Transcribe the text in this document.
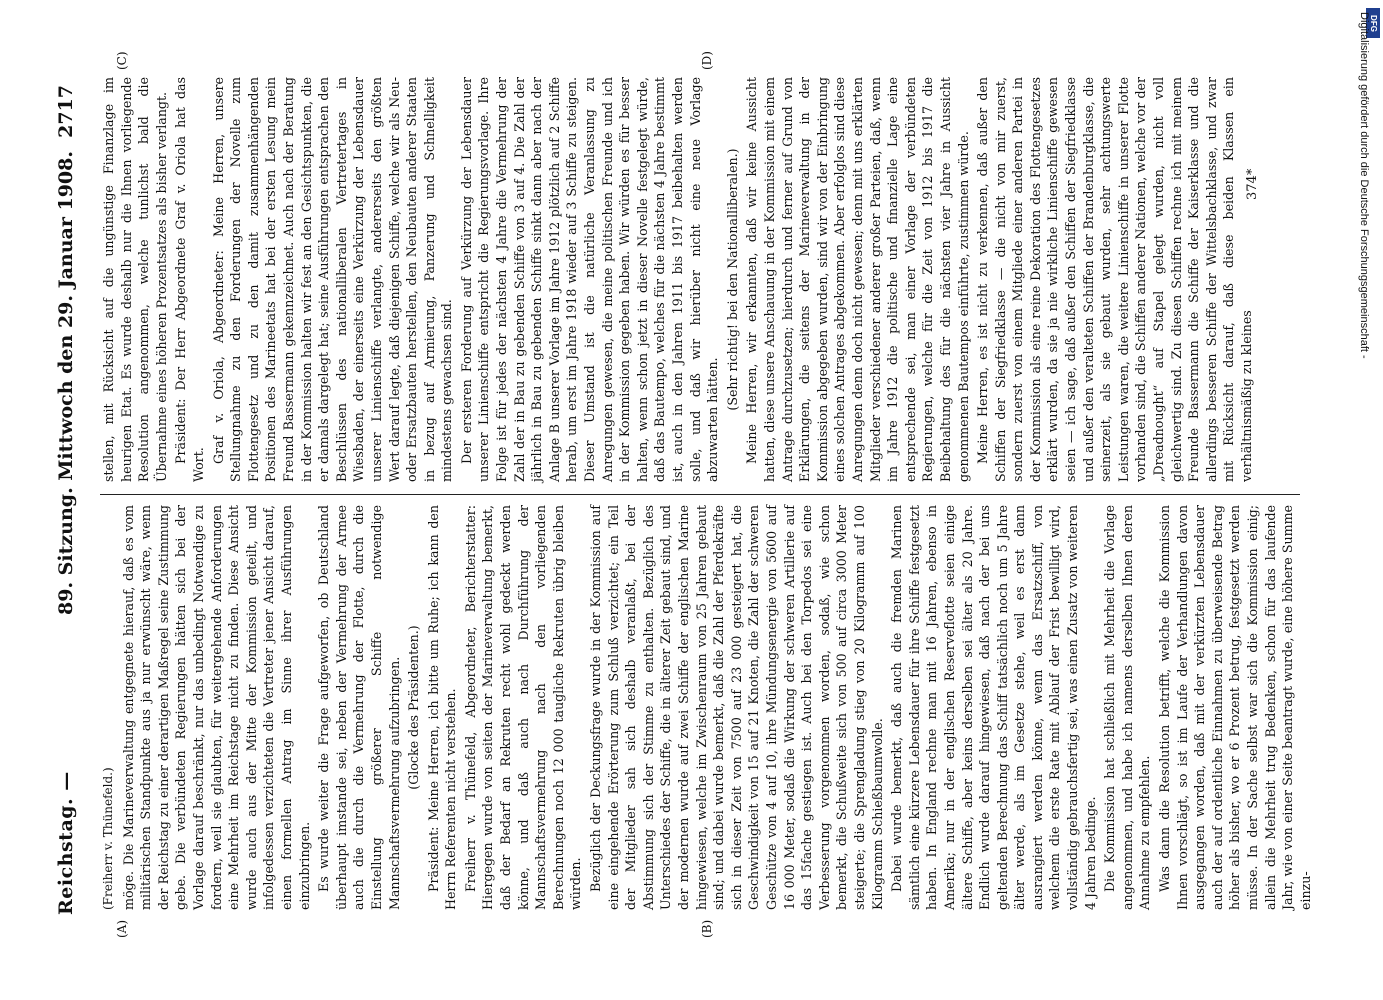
Reichstag. —
89. Sitzung. Mittwoch den 29. Januar 1908.
2717
(A)	(B)
(C)	(D)
(Freiherr v. Thünefeld.) möge. Die Marineverwaltung entgegnete hierauf, daß es vom militärischen Standpunkte aus ja nur erwünscht wäre, wenn der Reichstag zu einer derartigen Maßregel seine Zustimmung gebe. Die verbündeten Regierungen hätten sich bei der Vorlage darauf beschränkt, nur das unbedingt Notwendige zu fordern, weil sie glaubten, für weitergehende Anforderungen eine Mehrheit im Reichstage nicht zu finden. Diese Ansicht wurde auch aus der Mitte der Kommission geteilt, und infolgedessen verzichteten die Vertreter jener Ansicht darauf, einen formellen Antrag im Sinne ihrer Ausführungen einzubringen. Es wurde weiter die Frage aufgeworfen, ob Deutschland überhaupt imstande sei, neben der Vermehrung der Armee auch die durch die Vermehrung der Flotte, durch die Einstellung größerer Schiffe notwendige Mannschaftsvermehrung aufzubringen. (Glocke des Präsidenten.) Präsident: Meine Herren, ich bitte um Ruhe; ich kann den Herrn Referenten nicht verstehen. Freiherr v. Thünefeld, Abgeordneter, Berichterstatter: Hiergegen wurde von seiten der Marineverwaltung bemerkt, daß der Bedarf an Rekruten recht wohl gedeckt werden könne, und daß auch nach Durchführung der Mannschaftsvermehrung nach den vorliegenden Berechnungen noch 12 000 taugliche Rekruten übrig bleiben würden. Bezüglich der Deckungsfrage wurde in der Kommission auf eine eingehende Erörterung zum Schluß verzichtet; ein Teil der Mitglieder sah sich deshalb veranlaßt, bei der Abstimmung sich der Stimme zu enthalten. Bezüglich des Unterschiedes der Schiffe, die in älterer Zeit gebaut sind, und der modernen wurde auf zwei Schiffe der englischen Marine hingewiesen, welche im Zwischenraum von 25 Jahren gebaut sind; und dabei wurde bemerkt, daß die Zahl der Pferdekräfte sich in dieser Zeit von 7500 auf 23 000 gesteigert hat, die Geschwindigkeit von 15 auf 21 Knoten, die Zahl der schweren Geschütze von 4 auf 10, ihre Mündungsenergie von 5600 auf 16 000 Meter, sodaß die Wirkung der schweren Artillerie auf das 15fache gestiegen ist. Auch bei den Torpedos sei eine Verbesserung vorgenommen worden, sodaß, wie schon bemerkt, die Schußweite sich von 500 auf circa 3000 Meter steigerte; die Sprengladung stieg von 20 Kilogramm auf 100 Kilogramm Schießbaumwolle. Dabei wurde bemerkt, daß auch die fremden Marinen sämtlich eine kürzere Lebensdauer für ihre Schiffe festgesetzt haben. In England rechne man mit 16 Jahren, ebenso in Amerika; nur in der englischen Reserveflotte seien einige ältere Schiffe, aber keins derselben sei älter als 20 Jahre. Endlich wurde darauf hingewiesen, daß nach der bei uns geltenden Berechnung das Schiff tatsächlich noch um 5 Jahre älter werde, als im Gesetze stehe, weil es erst dann ausrangiert werden könne, wenn das Ersatzschiff, von welchem die erste Rate mit Ablauf der Frist bewilligt wird, vollständig gebrauchsfertig sei, was einen Zusatz von weiteren 4 Jahren bedinge. Die Kommission hat schließlich mit Mehrheit die Vorlage angenommen, und habe ich namens derselben Ihnen deren Annahme zu empfehlen. Was dann die Resolution betrifft, welche die Kommission Ihnen vorschlägt, so ist im Laufe der Verhandlungen davon ausgegangen worden, daß mit der verkürzten Lebensdauer auch der auf ordentliche Einnahmen zu überweisende Betrag höher als bisher, wo er 6 Prozent betrug, festgesetzt werden müsse. In der Sache selbst war sich die Kommission einig; allein die Mehrheit trug Bedenken, schon für das laufende Jahr, wie von einer Seite beantragt wurde, eine höhere Summe einzu-

stellen, mit Rücksicht auf die ungünstige Finanzlage im heurigen Etat. Es wurde deshalb nur die Ihnen vorliegende Resolution angenommen, welche tunlichst bald die Übernahme eines höheren Prozentsatzes als bisher verlangt. Präsident: Der Herr Abgeordnete Graf v. Oriola hat das Wort.

Graf v. Oriola, Abgeordneter: Meine Herren, unsere Stellungnahme zu den Forderungen der Novelle zum Flottengesetz und zu den damit zusammenhängenden Positionen des Marineetats hat bei der ersten Lesung mein Freund Bassermann gekennzeichnet. Auch nach der Beratung in der Kommission halten wir fest an den Gesichtspunkten, die er damals dargelegt hat; seine Ausführungen entsprachen den Beschlüssen des nationalliberalen Vertretertages in Wiesbaden, der einerseits eine Verkürzung der Lebensdauer unserer Linienschiffe verlangte, andererseits den größten Wert darauf legte, daß diejenigen Schiffe, welche wir als Neu- oder Ersatzbauten herstellen, den Neubauten anderer Staaten in bezug auf Armierung, Panzerung und Schnelligkeit mindestens gewachsen sind. Der ersteren Forderung auf Verkürzung der Lebensdauer unserer Linienschiffe entspricht die Regierungsvorlage. Ihre Folge ist für jedes der nächsten 4 Jahre die Vermehrung der Zahl der in Bau zu gebenden Schiffe von 3 auf 4. Die Zahl der jährlich in Bau zu gebenden Schiffe sinkt dann aber nach der Anlage B unserer Vorlage im Jahre 1912 plötzlich auf 2 Schiffe herab, um erst im Jahre 1918 wieder auf 3 Schiffe zu steigen. Dieser Umstand ist die natürliche Veranlassung zu Anregungen gewesen, die meine politischen Freunde und ich in der Kommission gegeben haben. Wir würden es für besser halten, wenn schon jetzt in dieser Novelle festgelegt würde, daß das Bautempo, welches für die nächsten 4 Jahre bestimmt ist, auch in den Jahren 1911 bis 1917 beibehalten werden solle, und daß wir hierüber nicht eine neue Vorlage abzuwarten hätten.

(Sehr richtig! bei den Nationalliberalen.) Meine Herren, wir erkannten, daß wir keine Aussicht hatten, diese unsere Anschauung in der Kommission mit einem Antrage durchzusetzen; hierdurch und ferner auf Grund von Erklärungen, die seitens der Marineverwaltung in der Kommission abgegeben wurden, sind wir von der Einbringung eines solchen Antrages abgekommen. Aber erfolglos sind diese Anregungen denn doch nicht gewesen; denn mit uns erklärten Mitglieder verschiedener anderer großer Parteien, daß, wenn im Jahre 1912 die politische und finanzielle Lage eine entsprechende sei, man einer Vorlage der verbündeten Regierungen, welche für die Zeit von 1912 bis 1917 die Beibehaltung des für die nächsten vier Jahre in Aussicht genommenen Bautempos einführte, zustimmen würde. Meine Herren, es ist nicht zu verkennen, daß außer den Schiffen der Siegfriedklasse — die nicht von mir zuerst, sondern zuerst von einem Mitgliede einer anderen Partei in der Kommission als eine reine Dekoration des Flottengesetzes erklärt wurden, da sie ja nie wirkliche Linienschiffe gewesen seien — ich sage, daß außer den Schiffen der Siegfriedklasse und außer den veralteten Schiffen der Brandenburgklasse, die seinerzeit, als sie gebaut wurden, sehr achtungswerte Leistungen waren, die weitere Linienschiffe in unserer Flotte vorhanden sind, die Schiffen anderer Nationen, welche vor der „Dreadnought“ auf Stapel gelegt wurden, nicht voll gleichwertig sind. Zu diesen Schiffen rechne ich mit meinem Freunde Bassermann die Schiffe der Kaiserklasse und die allerdings besseren Schiffe der Wittelsbachklasse, und zwar mit Rücksicht darauf, daß diese beiden Klassen ein verhältnismäßig zu kleines

374*
DFG
Digitalisierung gefördert durch die Deutsche Forschungsgemeinschaft -
